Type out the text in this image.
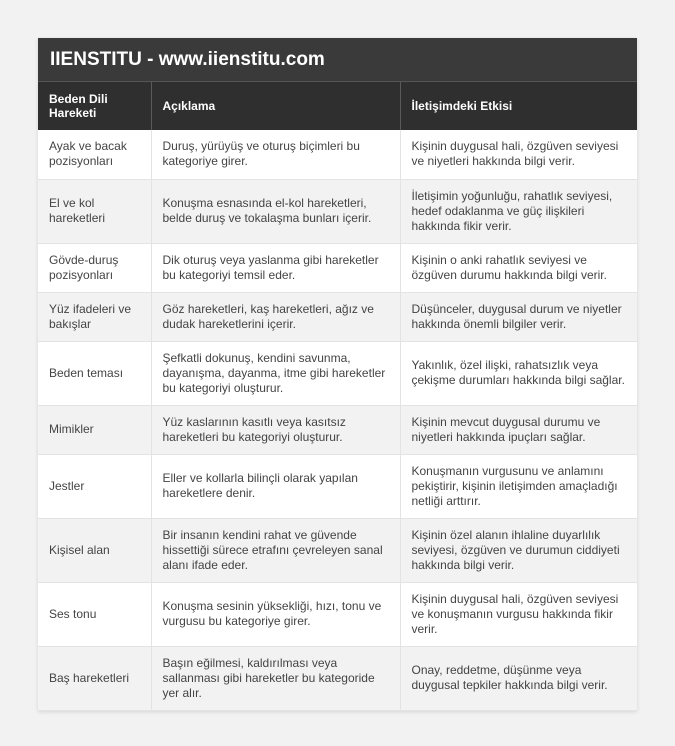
IIENSTITU - www.iienstitu.com
Beden Dili Hareketi	Açıklama	İletişimdeki Etkisi
Ayak ve bacak pozisyonları	Duruş, yürüyüş ve oturuş biçimleri bu kategoriye girer.	Kişinin duygusal hali, özgüven seviyesi ve niyetleri hakkında bilgi verir.
El ve kol hareketleri	Konuşma esnasında el-kol hareketleri, belde duruş ve tokalaşma bunları içerir.	İletişimin yoğunluğu, rahatlık seviyesi, hedef odaklanma ve güç ilişkileri hakkında fikir verir.
Gövde-duruş pozisyonları	Dik oturuş veya yaslanma gibi hareketler bu kategoriyi temsil eder.	Kişinin o anki rahatlık seviyesi ve özgüven durumu hakkında bilgi verir.
Yüz ifadeleri ve bakışlar	Göz hareketleri, kaş hareketleri, ağız ve dudak hareketlerini içerir.	Düşünceler, duygusal durum ve niyetler hakkında önemli bilgiler verir.
Beden teması	Şefkatli dokunuş, kendini savunma, dayanışma, dayanma, itme gibi hareketler bu kategoriyi oluşturur.	Yakınlık, özel ilişki, rahatsızlık veya çekişme durumları hakkında bilgi sağlar.
Mimikler	Yüz kaslarının kasıtlı veya kasıtsız hareketleri bu kategoriyi oluşturur.	Kişinin mevcut duygusal durumu ve niyetleri hakkında ipuçları sağlar.
Jestler	Eller ve kollarla bilinçli olarak yapılan hareketlere denir.	Konuşmanın vurgusunu ve anlamını pekiştirir, kişinin iletişimden amaçladığı netliği arttırır.
Kişisel alan	Bir insanın kendini rahat ve güvende hissettiği sürece etrafını çevreleyen sanal alanı ifade eder.	Kişinin özel alanın ihlaline duyarlılık seviyesi, özgüven ve durumun ciddiyeti hakkında bilgi verir.
Ses tonu	Konuşma sesinin yüksekliği, hızı, tonu ve vurgusu bu kategoriye girer.	Kişinin duygusal hali, özgüven seviyesi ve konuşmanın vurgusu hakkında fikir verir.
Baş hareketleri	Başın eğilmesi, kaldırılması veya sallanması gibi hareketler bu kategoride yer alır.	Onay, reddetme, düşünme veya duygusal tepkiler hakkında bilgi verir.
